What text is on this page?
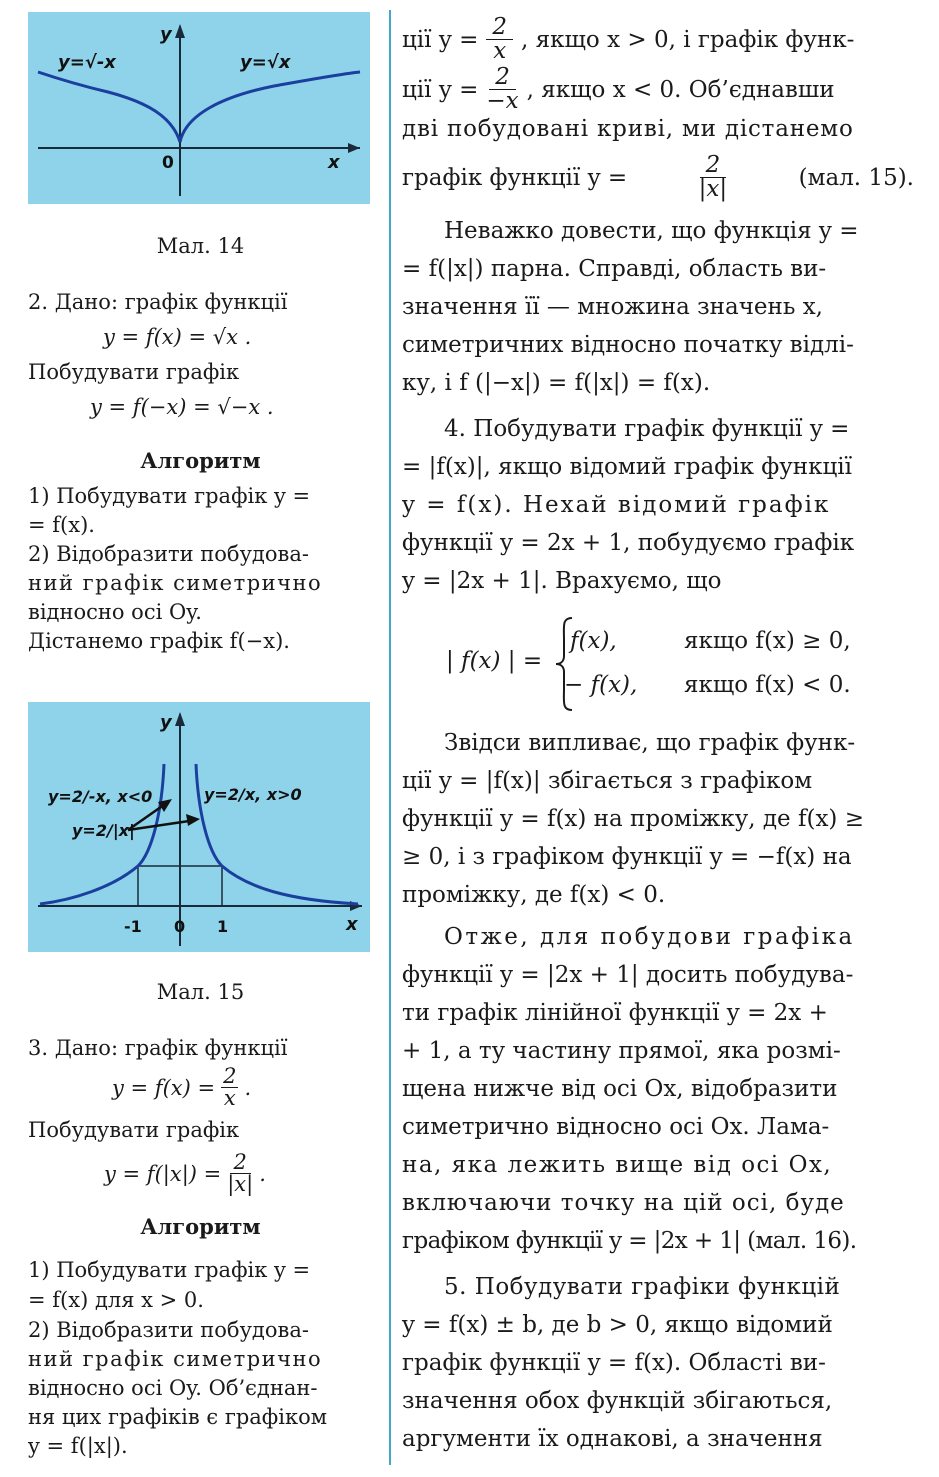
y=√-x	y=√x
y
x
0
Мал. 14
2. Дано: графік функції
y = f(x) = √x .
Побудувати графік
y = f(−x) = √−x .
Алгоритм
1) Побудувати графік y =
= f(x).
2) Відобразити побудова-
ний графік симетрично
відносно осі Oy.
Дістанемо графік f(−x).
y=2/-x, x<0	y=2/x, x>0
y=2/|x|
y
x
-1 0 1
Мал. 15
3. Дано: графік функції
$y = f(x) = \frac{2}{x}$ .
Побудувати графік
$y = f(|x|) = \frac{2}{|x|}$ .
Алгоритм
1) Побудувати графік y =
= f(x) для x > 0.
2) Відобразити побудова-
ний графік симетрично
відносно осі Oy. Об’єднан-
ня цих графіків є графіком
y = f(|x|).
ції $y = \frac{2}{x}$ , якщо x > 0, і графік функ-
ції $y = \frac{2}{-x}$ , якщо x < 0. Об’єднавши
дві побудовані криві, ми дістанемо
графік функції y =	$\frac{2}{|x|}$	(мал. 15).
Неважко довести, що функція y =
= f(|x|) парна. Справді, область ви-
значення її — множина значень x,
симетричних відносно початку відлі-
ку, і f (|−x|) = f(|x|) = f(x).
4. Побудувати графік функції y =
= |f(x)|, якщо відомий графік функції
y = f(x). Нехай відомий графік
функції y = 2x + 1, побудуємо графік
y = |2x + 1|. Врахуємо, що
| f(x) | =
f(x),	якщо f(x) ≥ 0,
− f(x), якщо f(x) < 0.
Звідси випливає, що графік функ-
ції y = |f(x)| збігається з графіком
функції y = f(x) на проміжку, де f(x) ≥
≥ 0, і з графіком функції y = −f(x) на
проміжку, де f(x) < 0.
Отже, для побудови графіка
функції y = |2x + 1| досить побудува-
ти графік лінійної функції y = 2x +
+ 1, а ту частину прямої, яка розмі-
щена нижче від осі Ox, відобразити
симетрично відносно осі Ox. Лама-
на, яка лежить вище від осі Ox,
включаючи точку на цій осі, буде
графіком функції y = |2x + 1| (мал. 16).
5. Побудувати графіки функцій
y = f(x) ± b, де b > 0, якщо відомий
графік функції y = f(x). Області ви-
значення обох функцій збігаються,
аргументи їх однакові, а значення
